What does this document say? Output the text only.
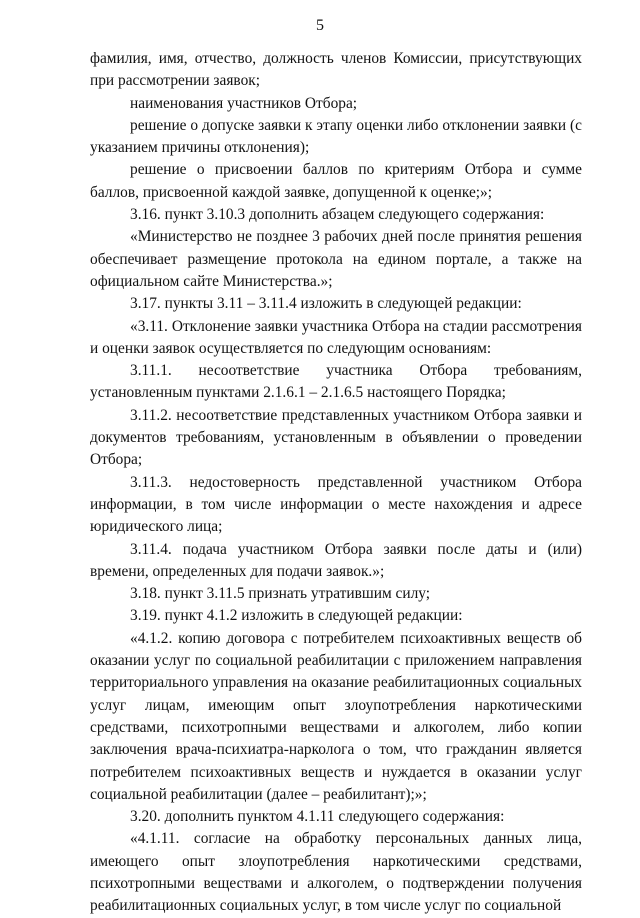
5

фамилия, имя, отчество, должность членов Комиссии, присутствующих при рассмотрении заявок;

наименования участников Отбора;

решение о допуске заявки к этапу оценки либо отклонении заявки (с указанием причины отклонения);

решение о присвоении баллов по критериям Отбора и сумме баллов, присвоенной каждой заявке, допущенной к оценке;»;

3.16. пункт 3.10.3 дополнить абзацем следующего содержания:

«Министерство не позднее 3 рабочих дней после принятия решения обеспечивает размещение протокола на едином портале, а также на официальном сайте Министерства.»;

3.17. пункты 3.11 – 3.11.4 изложить в следующей редакции:

«3.11. Отклонение заявки участника Отбора на стадии рассмотрения и оценки заявок осуществляется по следующим основаниям:

3.11.1. несоответствие участника Отбора требованиям, установленным пунктами 2.1.6.1 – 2.1.6.5 настоящего Порядка;

3.11.2. несоответствие представленных участником Отбора заявки и документов требованиям, установленным в объявлении о проведении Отбора;

3.11.3. недостоверность представленной участником Отбора информации, в том числе информации о месте нахождения и адресе юридического лица;

3.11.4. подача участником Отбора заявки после даты и (или) времени, определенных для подачи заявок.»;

3.18. пункт 3.11.5 признать утратившим силу;

3.19. пункт 4.1.2 изложить в следующей редакции:

«4.1.2. копию договора с потребителем психоактивных веществ об оказании услуг по социальной реабилитации с приложением направления территориального управления на оказание реабилитационных социальных услуг лицам, имеющим опыт злоупотребления наркотическими средствами, психотропными веществами и алкоголем, либо копии заключения врача-психиатра-нарколога о том, что гражданин является потребителем психоактивных веществ и нуждается в оказании услуг социальной реабилитации (далее – реабилитант);»;

3.20. дополнить пунктом 4.1.11 следующего содержания:

«4.1.11. согласие на обработку персональных данных лица, имеющего опыт злоупотребления наркотическими средствами, психотропными веществами и алкоголем, о подтверждении получения реабилитационных социальных услуг, в том числе услуг по социальной
